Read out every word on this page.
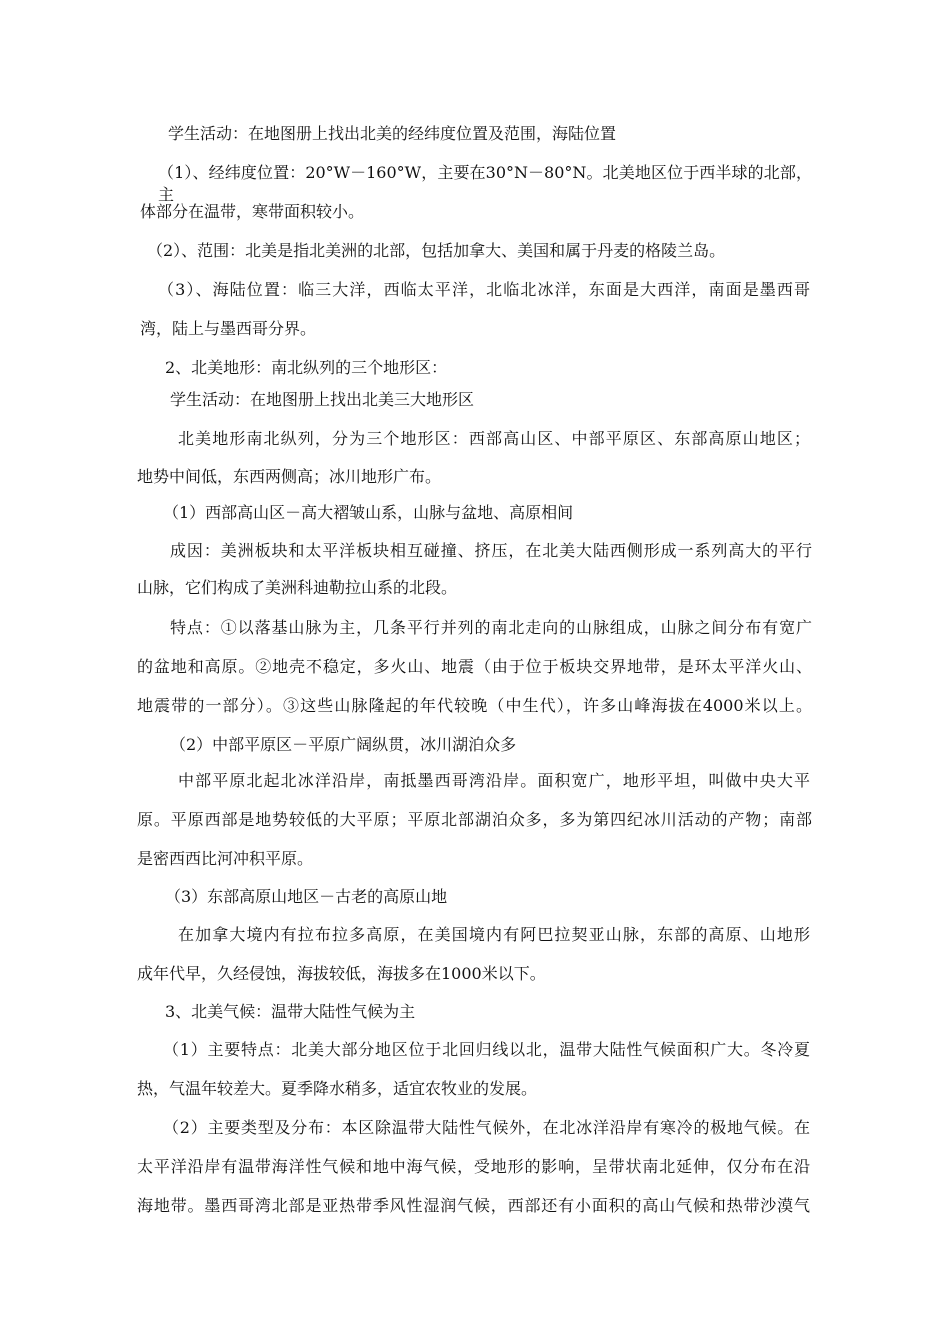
学生活动：在地图册上找出北美的经纬度位置及范围，海陆位置
（1）、经纬度位置：20°W－160°W，主要在30°N－80°N。北美地区位于西半球的北部，主
体部分在温带，寒带面积较小。
（2）、范围：北美是指北美洲的北部，包括加拿大、美国和属于丹麦的格陵兰岛。
（3）、海陆位置：临三大洋，西临太平洋，北临北冰洋，东面是大西洋，南面是墨西哥
湾，陆上与墨西哥分界。
2、北美地形：南北纵列的三个地形区：
学生活动：在地图册上找出北美三大地形区
北美地形南北纵列，分为三个地形区：西部高山区、中部平原区、东部高原山地区；
地势中间低，东西两侧高；冰川地形广布。
（1）西部高山区－高大褶皱山系，山脉与盆地、高原相间
成因：美洲板块和太平洋板块相互碰撞、挤压，在北美大陆西侧形成一系列高大的平行
山脉，它们构成了美洲科迪勒拉山系的北段。
特点：①以落基山脉为主，几条平行并列的南北走向的山脉组成，山脉之间分布有宽广
的盆地和高原。②地壳不稳定，多火山、地震（由于位于板块交界地带，是环太平洋火山、
地震带的一部分）。③这些山脉隆起的年代较晚（中生代），许多山峰海拔在4000米以上。
（2）中部平原区－平原广阔纵贯，冰川湖泊众多
中部平原北起北冰洋沿岸，南抵墨西哥湾沿岸。面积宽广，地形平坦，叫做中央大平
原。平原西部是地势较低的大平原；平原北部湖泊众多，多为第四纪冰川活动的产物；南部
是密西西比河冲积平原。
（3）东部高原山地区－古老的高原山地
在加拿大境内有拉布拉多高原，在美国境内有阿巴拉契亚山脉，东部的高原、山地形
成年代早，久经侵蚀，海拔较低，海拔多在1000米以下。
3、北美气候：温带大陆性气候为主
（1）主要特点：北美大部分地区位于北回归线以北，温带大陆性气候面积广大。冬冷夏
热，气温年较差大。夏季降水稍多，适宜农牧业的发展。
（2）主要类型及分布：本区除温带大陆性气候外，在北冰洋沿岸有寒冷的极地气候。在
太平洋沿岸有温带海洋性气候和地中海气候，受地形的影响，呈带状南北延伸，仅分布在沿
海地带。墨西哥湾北部是亚热带季风性湿润气候，西部还有小面积的高山气候和热带沙漠气
